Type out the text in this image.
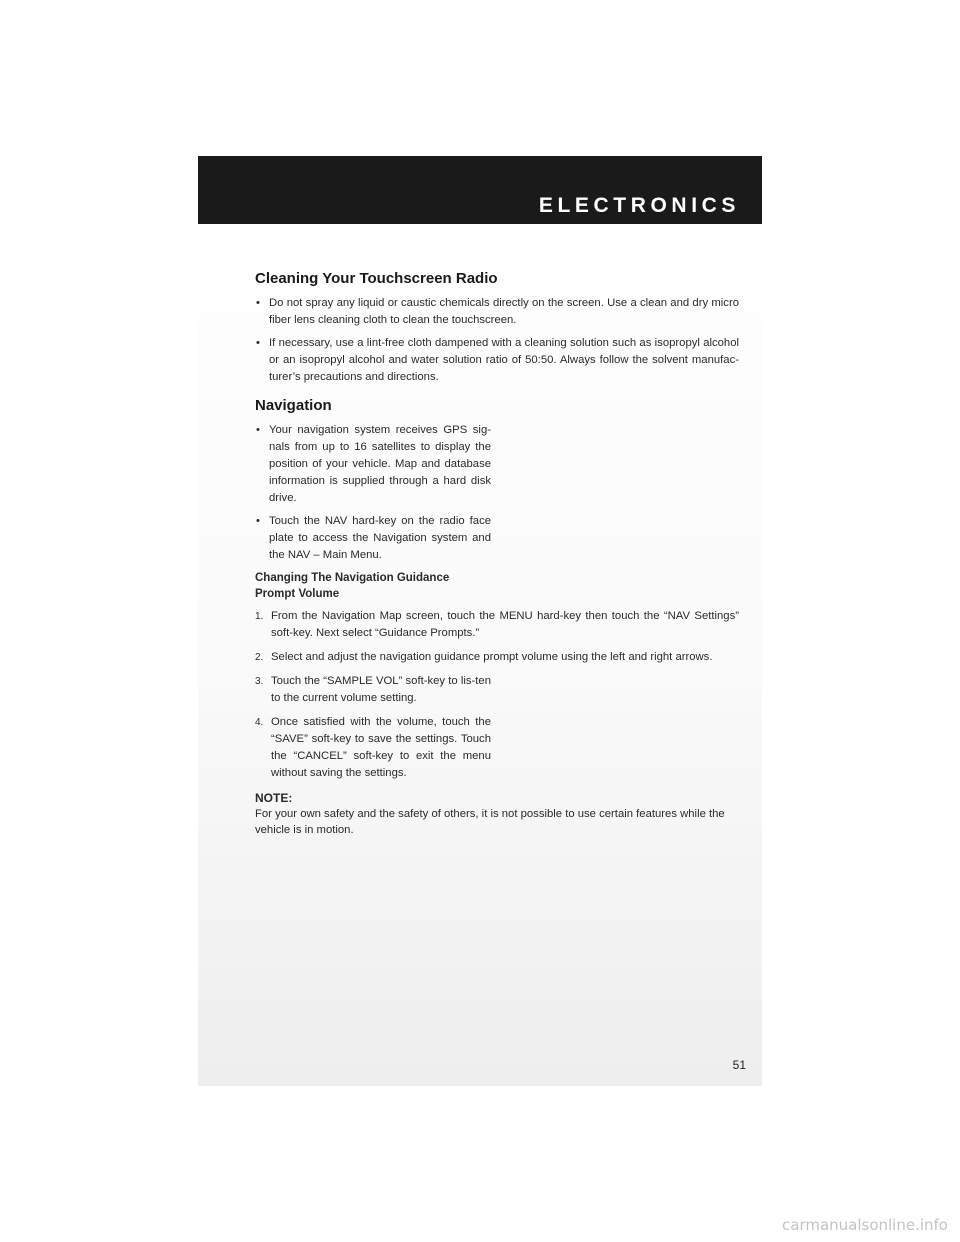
ELECTRONICS
Cleaning Your Touchscreen Radio
• Do not spray any liquid or caustic chemicals directly on the screen. Use a clean and dry micro fiber lens cleaning cloth to clean the touchscreen.
• If necessary, use a lint-free cloth dampened with a cleaning solution such as isopropyl alcohol or an isopropyl alcohol and water solution ratio of 50:50. Always follow the solvent manufac-turer’s precautions and directions.
Navigation
• Your navigation system receives GPS sig-nals from up to 16 satellites to display the position of your vehicle. Map and database information is supplied through a hard disk drive.
• Touch the NAV hard-key on the radio face plate to access the Navigation system and the NAV – Main Menu.
Changing The Navigation Guidance Prompt Volume
1. From the Navigation Map screen, touch the MENU hard-key then touch the “NAV Settings” soft-key. Next select “Guidance Prompts.”
2. Select and adjust the navigation guidance prompt volume using the left and right arrows.
3. Touch the “SAMPLE VOL” soft-key to lis-ten to the current volume setting.
4. Once satisfied with the volume, touch the “SAVE” soft-key to save the settings. Touch the “CANCEL” soft-key to exit the menu without saving the settings.
NOTE:
For your own safety and the safety of others, it is not possible to use certain features while the vehicle is in motion.
51
carmanualsonline.info
